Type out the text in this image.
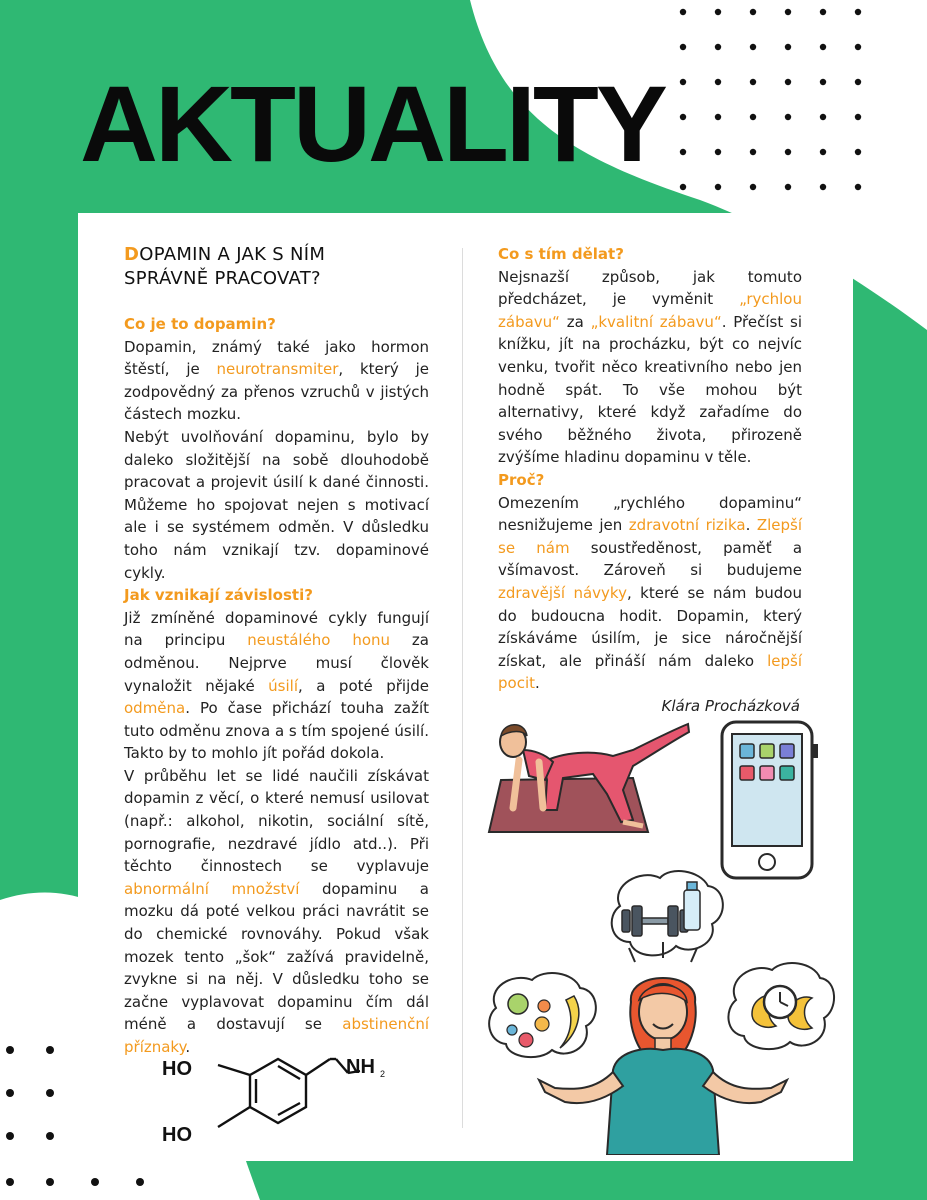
AKTUALITY
DOPAMIN A JAK S NÍM
SPRÁVNĚ PRACOVAT?

Co je to dopamin?

Dopamin, známý také jako hormon štěstí, je neurotransmiter, který je zodpovědný za přenos vzruchů v jistých částech mozku.

Nebýt uvolňování dopaminu, bylo by daleko složitější na sobě dlouhodobě pracovat a projevit úsilí k dané činnosti. Můžeme ho spojovat nejen s motivací ale i se systémem odměn. V důsledku toho nám vznikají tzv. dopaminové cykly.

Jak vznikají závislosti?

Již zmíněné dopaminové cykly fungují na principu neustálého honu za odměnou. Nejprve musí člověk vynaložit nějaké úsilí, a poté přijde odměna. Po čase přichází touha zažít tuto odměnu znova a s tím spojené úsilí. Takto by to mohlo jít pořád dokola.

V průběhu let se lidé naučili získávat dopamin z věcí, o které nemusí usilovat (např.: alkohol, nikotin, sociální sítě, pornografie, nezdravé jídlo atd..). Při těchto činnostech se vyplavuje abnormální množství dopaminu a mozku dá poté velkou práci navrátit se do chemické rovnováhy. Pokud však mozek tento „šok“ zažívá pravidelně, zvykne si na něj. V důsledku toho se začne vyplavovat dopaminu čím dál méně a dostavují se abstinenční příznaky.

Co s tím dělat?

Nejsnazší způsob, jak tomuto předcházet, je vyměnit „rychlou zábavu“ za „kvalitní zábavu“. Přečíst si knížku, jít na procházku, být co nejvíc venku, tvořit něco kreativního nebo jen hodně spát. To vše mohou být alternativy, které když zařadíme do svého běžného života, přirozeně zvýšíme hladinu dopaminu v těle.

Proč?

Omezením „rychlého dopaminu“ nesnižujeme jen zdravotní rizika. Zlepší se nám soustředěnost, paměť a všímavost. Zároveň si budujeme zdravější návyky, které se nám budou do budoucna hodit. Dopamin, který získáváme úsilím, je sice náročnější získat, ale přináší nám daleko lepší pocit.

Klára Procházková

HO
HO
NH 2
